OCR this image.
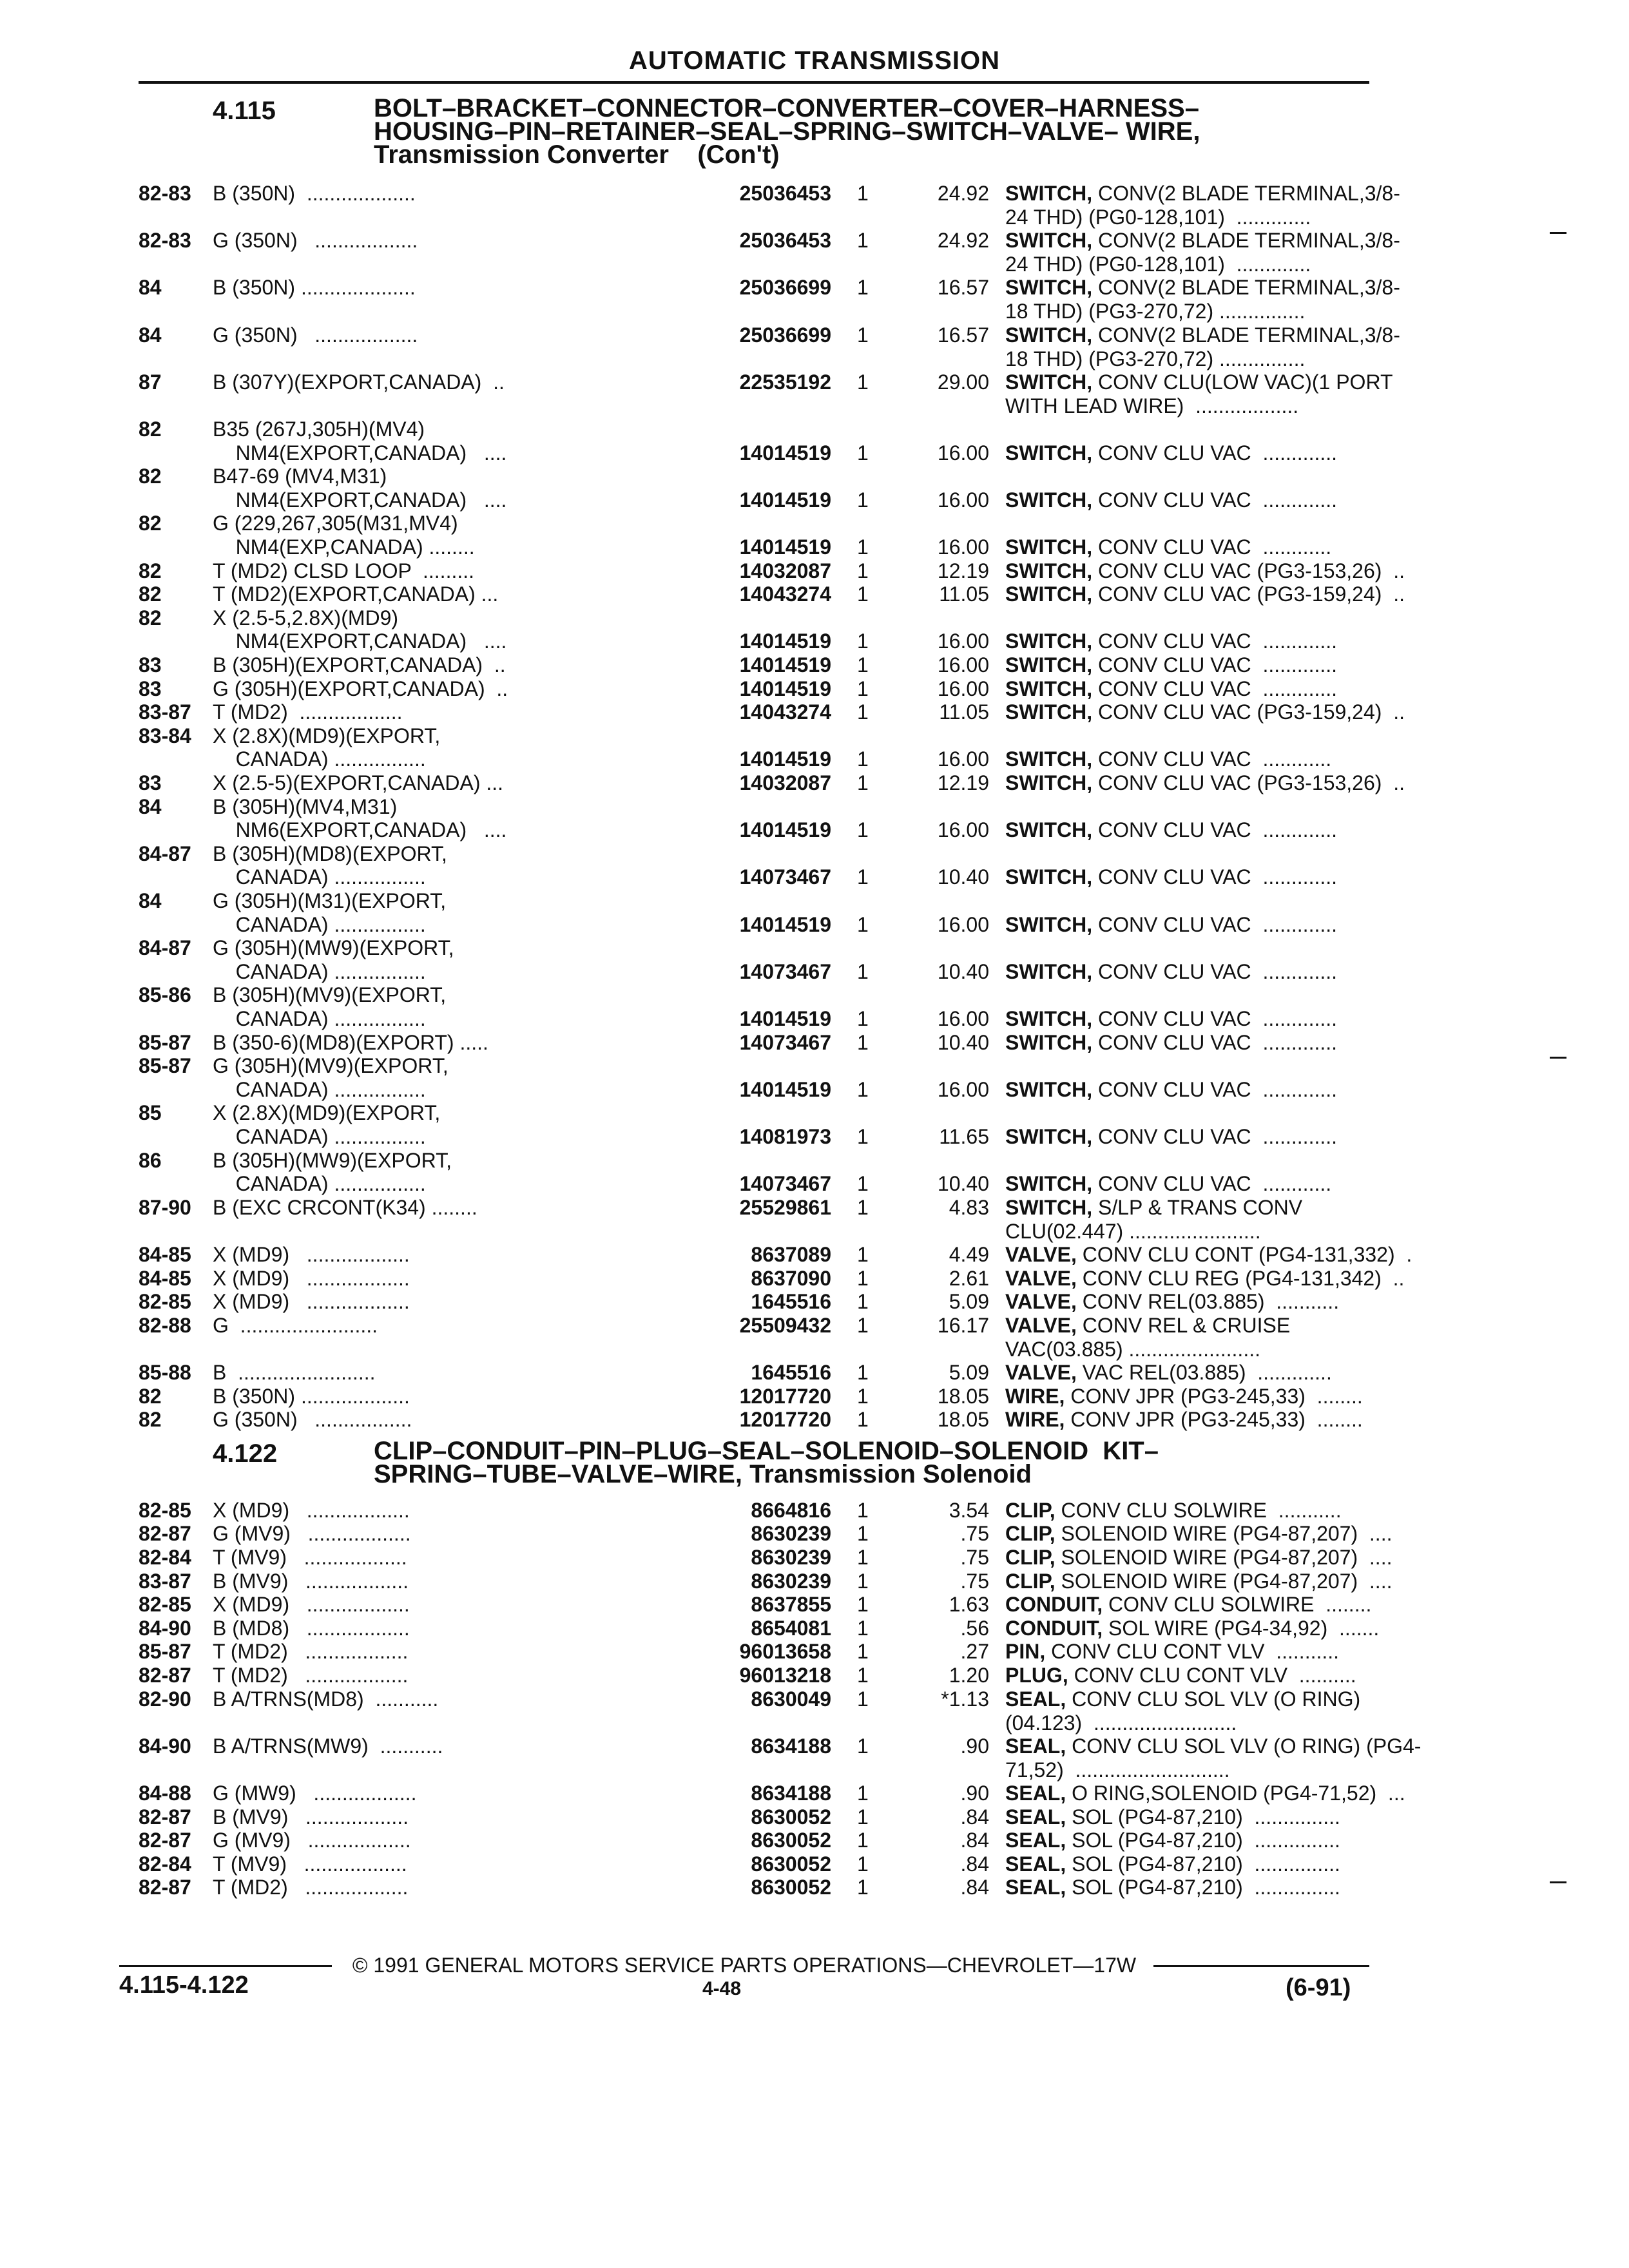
AUTOMATIC TRANSMISSION
4.115	BOLT–BRACKET–CONNECTOR–CONVERTER–COVER–HARNESS–
HOUSING–PIN–RETAINER–SEAL–SPRING–SWITCH–VALVE– WIRE,
Transmission Converter    (Con't)
82-83	B (350N)  ...................	25036453 1	24.92 SWITCH, CONV(2 BLADE TERMINAL,3/8-
24 THD) (PG0-128,101)  .............
82-83	G (350N)   ..................	25036453 1	24.92 SWITCH, CONV(2 BLADE TERMINAL,3/8-
24 THD) (PG0-128,101)  .............
84	B (350N) ....................	25036699 1	16.57 SWITCH, CONV(2 BLADE TERMINAL,3/8-
18 THD) (PG3-270,72) ...............
84	G (350N)   ..................	25036699 1	16.57 SWITCH, CONV(2 BLADE TERMINAL,3/8-
18 THD) (PG3-270,72) ...............
87	B (307Y)(EXPORT,CANADA)  ..	22535192 1	29.00 SWITCH, CONV CLU(LOW VAC)(1 PORT
WITH LEAD WIRE)  ..................
82	B35 (267J,305H)(MV4)
NM4(EXPORT,CANADA)   ....	14014519 1	16.00 SWITCH, CONV CLU VAC  .............
82	B47-69 (MV4,M31)
NM4(EXPORT,CANADA)   ....	14014519 1	16.00 SWITCH, CONV CLU VAC  .............
82	G (229,267,305(M31,MV4)
NM4(EXP,CANADA) ........	14014519 1	16.00 SWITCH, CONV CLU VAC  ............
82	T (MD2) CLSD LOOP  .........	14032087 1	12.19 SWITCH, CONV CLU VAC (PG3-153,26)  ..
82	T (MD2)(EXPORT,CANADA) ...	14043274 1	11.05 SWITCH, CONV CLU VAC (PG3-159,24)  ..
82	X (2.5-5,2.8X)(MD9)
NM4(EXPORT,CANADA)   ....	14014519 1	16.00 SWITCH, CONV CLU VAC  .............
83	B (305H)(EXPORT,CANADA)  ..	14014519 1	16.00 SWITCH, CONV CLU VAC  .............
83	G (305H)(EXPORT,CANADA)  ..	14014519 1	16.00 SWITCH, CONV CLU VAC  .............
83-87	T (MD2)  ..................	14043274 1	11.05 SWITCH, CONV CLU VAC (PG3-159,24)  ..
83-84	X (2.8X)(MD9)(EXPORT,
CANADA) ................	14014519 1	16.00 SWITCH, CONV CLU VAC  ............
83	X (2.5-5)(EXPORT,CANADA) ...	14032087 1	12.19 SWITCH, CONV CLU VAC (PG3-153,26)  ..
84	B (305H)(MV4,M31)
NM6(EXPORT,CANADA)   ....	14014519 1	16.00 SWITCH, CONV CLU VAC  .............
84-87	B (305H)(MD8)(EXPORT,
CANADA) ................	14073467 1	10.40 SWITCH, CONV CLU VAC  .............
84	G (305H)(M31)(EXPORT,
CANADA) ................	14014519 1	16.00 SWITCH, CONV CLU VAC  .............
84-87	G (305H)(MW9)(EXPORT,
CANADA) ................	14073467 1	10.40 SWITCH, CONV CLU VAC  .............
85-86	B (305H)(MV9)(EXPORT,
CANADA) ................	14014519 1	16.00 SWITCH, CONV CLU VAC  .............
85-87	B (350-6)(MD8)(EXPORT) .....	14073467 1	10.40 SWITCH, CONV CLU VAC  .............
85-87	G (305H)(MV9)(EXPORT,
CANADA) ................	14014519 1	16.00 SWITCH, CONV CLU VAC  .............
85	X (2.8X)(MD9)(EXPORT,
CANADA) ................	14081973 1	11.65 SWITCH, CONV CLU VAC  .............
86	B (305H)(MW9)(EXPORT,
CANADA) ................	14073467 1	10.40 SWITCH, CONV CLU VAC  ............
87-90	B (EXC CRCONT(K34) ........	25529861 1	4.83 SWITCH, S/LP & TRANS CONV
CLU(02.447) .......................
84-85	X (MD9)   ..................	8637089 1	4.49 VALVE, CONV CLU CONT (PG4-131,332)  .
84-85	X (MD9)   ..................	8637090 1	2.61 VALVE, CONV CLU REG (PG4-131,342)  ..
82-85	X (MD9)   ..................	1645516 1	5.09 VALVE, CONV REL(03.885)  ...........
82-88	G  ........................	25509432 1	16.17 VALVE, CONV REL & CRUISE
VAC(03.885) .......................
85-88	B  ........................	1645516 1	5.09 VALVE, VAC REL(03.885)  .............
82	B (350N) ...................	12017720 1	18.05 WIRE, CONV JPR (PG3-245,33)  ........
82	G (350N)   .................	12017720 1	18.05 WIRE, CONV JPR (PG3-245,33)  ........
4.122	CLIP–CONDUIT–PIN–PLUG–SEAL–SOLENOID–SOLENOID  KIT–
SPRING–TUBE–VALVE–WIRE, Transmission Solenoid
82-85	X (MD9)   ..................	8664816 1	3.54 CLIP, CONV CLU SOLWIRE  ...........
82-87	G (MV9)   ..................	8630239 1	.75 CLIP, SOLENOID WIRE (PG4-87,207)  ....
82-84	T (MV9)   ..................	8630239 1	.75 CLIP, SOLENOID WIRE (PG4-87,207)  ....
83-87	B (MV9)   ..................	8630239 1	.75 CLIP, SOLENOID WIRE (PG4-87,207)  ....
82-85	X (MD9)   ..................	8637855 1	1.63 CONDUIT, CONV CLU SOLWIRE  ........
84-90	B (MD8)   ..................	8654081 1	.56 CONDUIT, SOL WIRE (PG4-34,92)  .......
85-87	T (MD2)   ..................	96013658 1	.27 PIN, CONV CLU CONT VLV  ...........
82-87	T (MD2)   ..................	96013218 1	1.20 PLUG, CONV CLU CONT VLV  ..........
82-90	B A/TRNS(MD8)  ...........	8630049 1	*1.13 SEAL, CONV CLU SOL VLV (O RING)
(04.123)  .........................
84-90	B A/TRNS(MW9)  ...........	8634188 1	.90 SEAL, CONV CLU SOL VLV (O RING) (PG4-
71,52)  ...........................
84-88	G (MW9)   ..................	8634188 1	.90 SEAL, O RING,SOLENOID (PG4-71,52)  ...
82-87	B (MV9)   ..................	8630052 1	.84 SEAL, SOL (PG4-87,210)  ...............
82-87	G (MV9)   ..................	8630052 1	.84 SEAL, SOL (PG4-87,210)  ...............
82-84	T (MV9)   ..................	8630052 1	.84 SEAL, SOL (PG4-87,210)  ...............
82-87	T (MD2)   ..................	8630052 1	.84 SEAL, SOL (PG4-87,210)  ...............
© 1991 GENERAL MOTORS SERVICE PARTS OPERATIONS—CHEVROLET—17W
4.115-4.122	4-48	(6-91)
